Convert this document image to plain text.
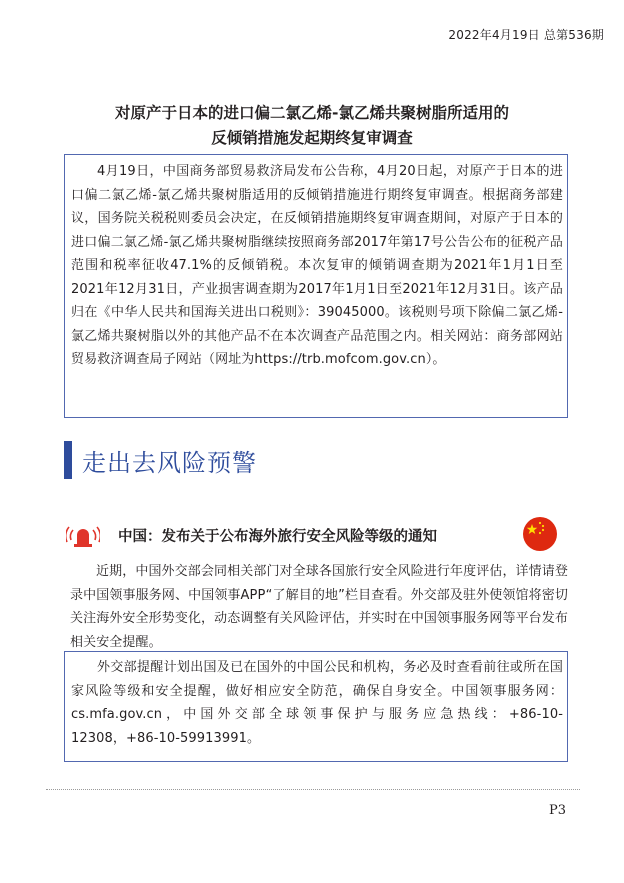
2022年4月19日 总第536期
对原产于日本的进口偏二氯乙烯-氯乙烯共聚树脂所适用的
反倾销措施发起期终复审调查

4月19日，中国商务部贸易救济局发布公告称，4月20日起，对原产于日本的进口偏二氯乙烯-氯乙烯共聚树脂适用的反倾销措施进行期终复审调查。根据商务部建议，国务院关税税则委员会决定，在反倾销措施期终复审调查期间，对原产于日本的进口偏二氯乙烯-氯乙烯共聚树脂继续按照商务部2017年第17号公告公布的征税产品范围和税率征收47.1%的反倾销税。本次复审的倾销调查期为2021年1月1日至2021年12月31日，产业损害调查期为2017年1月1日至2021年12月31日。该产品归在《中华人民共和国海关进出口税则》：39045000。该税则号项下除偏二氯乙烯-氯乙烯共聚树脂以外的其他产品不在本次调查产品范围之内。相关网站：商务部网站贸易救济调查局子网站（网址为https://trb.mofcom.gov.cn）。

走出去风险预警
中国：发布关于公布海外旅行安全风险等级的通知

近期，中国外交部会同相关部门对全球各国旅行安全风险进行年度评估，详情请登录中国领事服务网、中国领事APP“了解目的地”栏目查看。外交部及驻外使领馆将密切关注海外安全形势变化，动态调整有关风险评估，并实时在中国领事服务网等平台发布相关安全提醒。

外交部提醒计划出国及已在国外的中国公民和机构，务必及时查看前往或所在国家风险等级和安全提醒，做好相应安全防范，确保自身安全。中国领事服务网：cs.mfa.gov.cn，中国外交部全球领事保护与服务应急热线：+86-10-12308，+86-10-59913991。

P3
